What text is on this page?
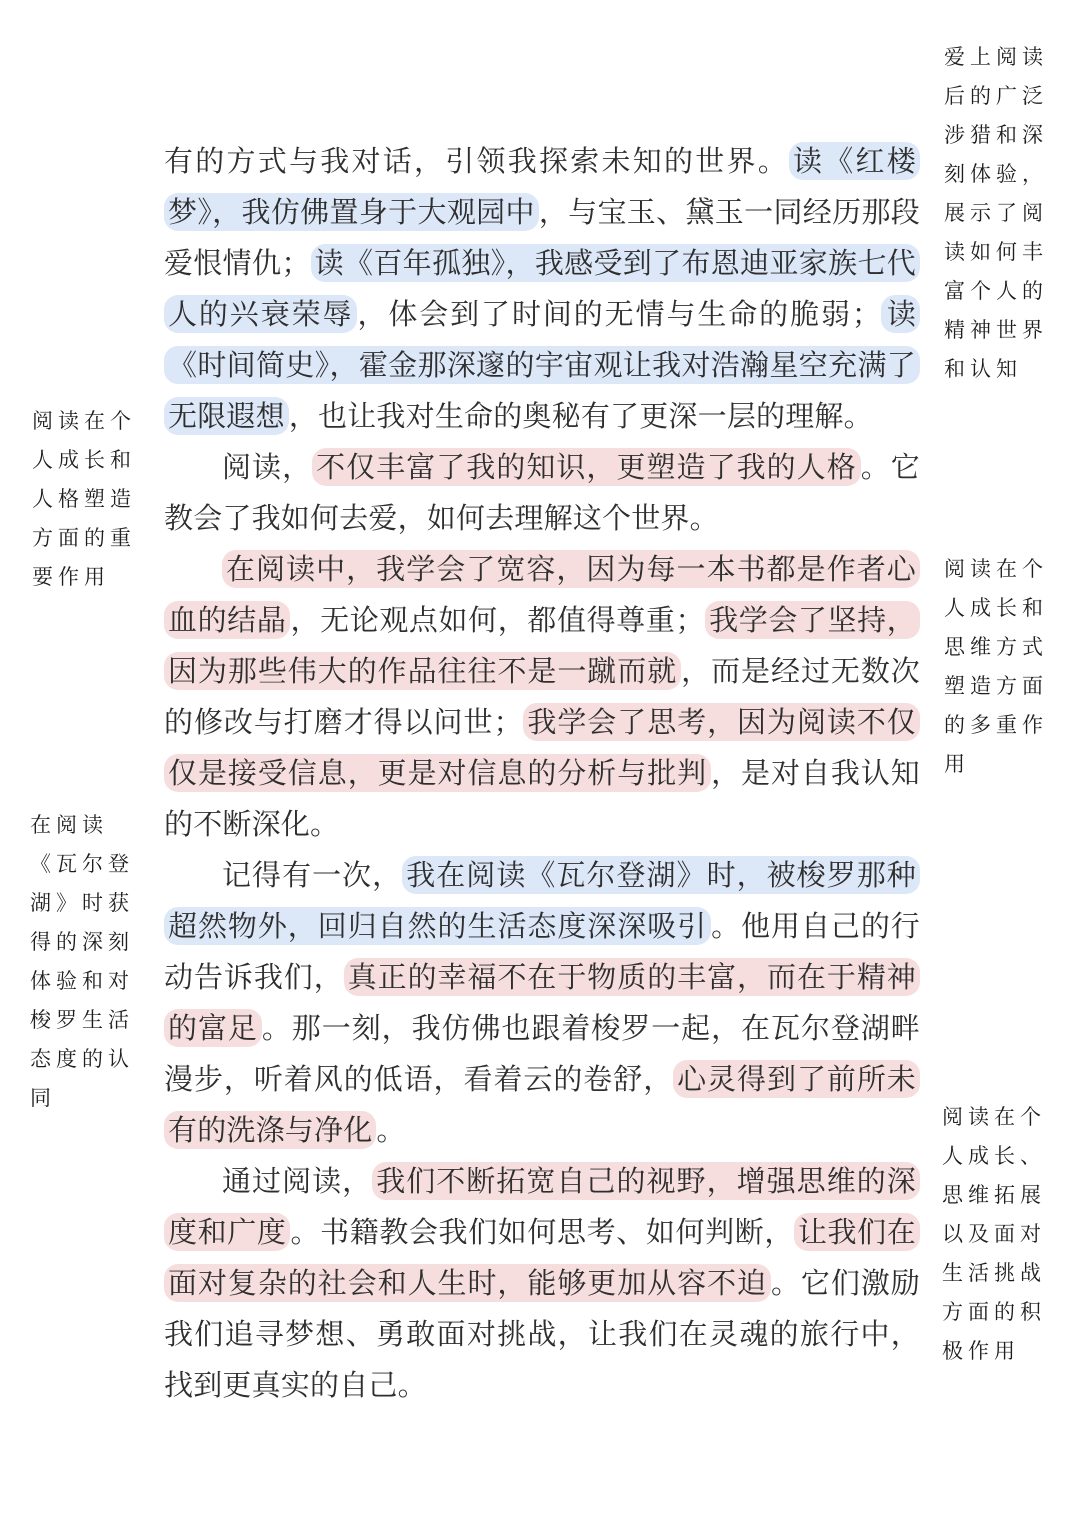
有的方式与我对话，引领我探索未知的世界。 读《红楼梦》，我仿佛置身于大观园中 ，与宝玉、黛玉一同经历那段爱恨情仇； 读《百年孤独》，我感受到了布恩迪亚家族七代人的兴衰荣辱 ，体会到了时间的无情与生命的脆弱； 读《时间简史》，霍金那深邃的宇宙观让我对浩瀚星空充满了无限遐想 ，也让我对生命的奥秘有了更深一层的理解。

阅读， 不仅丰富了我的知识，更塑造了我的人格 。它教会了我如何去爱，如何去理解这个世界。

在阅读中，我学会了宽容，因为每一本书都是作者心血的结晶 ，无论观点如何，都值得尊重； 我学会了坚持，因为那些伟大的作品往往不是一蹴而就 ，而是经过无数次的修改与打磨才得以问世； 我学会了思考，因为阅读不仅仅是接受信息，更是对信息的分析与批判 ，是对自我认知的不断深化。

记得有一次， 我在阅读《瓦尔登湖》时，被梭罗那种超然物外，回归自然的生活态度深深吸引 。他用自己的行动告诉我们， 真正的幸福不在于物质的丰富，而在于精神的富足 。那一刻，我仿佛也跟着梭罗一起，在瓦尔登湖畔漫步，听着风的低语，看着云的卷舒， 心灵得到了前所未有的洗涤与净化 。

通过阅读， 我们不断拓宽自己的视野，增强思维的深度和广度 。书籍教会我们如何思考、如何判断， 让我们在面对复杂的社会和人生时，能够更加从容不迫 。它们激励我们追寻梦想、勇敢面对挑战，让我们在灵魂的旅行中，找到更真实的自己。

爱上阅读后的广泛涉猎和深刻体验，展示了阅读如何丰富个人的精神世界和认知
阅读在个人成长和人格塑造方面的重要作用	阅读在个人成长和思维方式塑造方面的多重作用
在阅读《瓦尔登湖》时获得的深刻体验和对梭罗生活态度的认同
阅读在个人成长、思维拓展以及面对生活挑战方面的积极作用
